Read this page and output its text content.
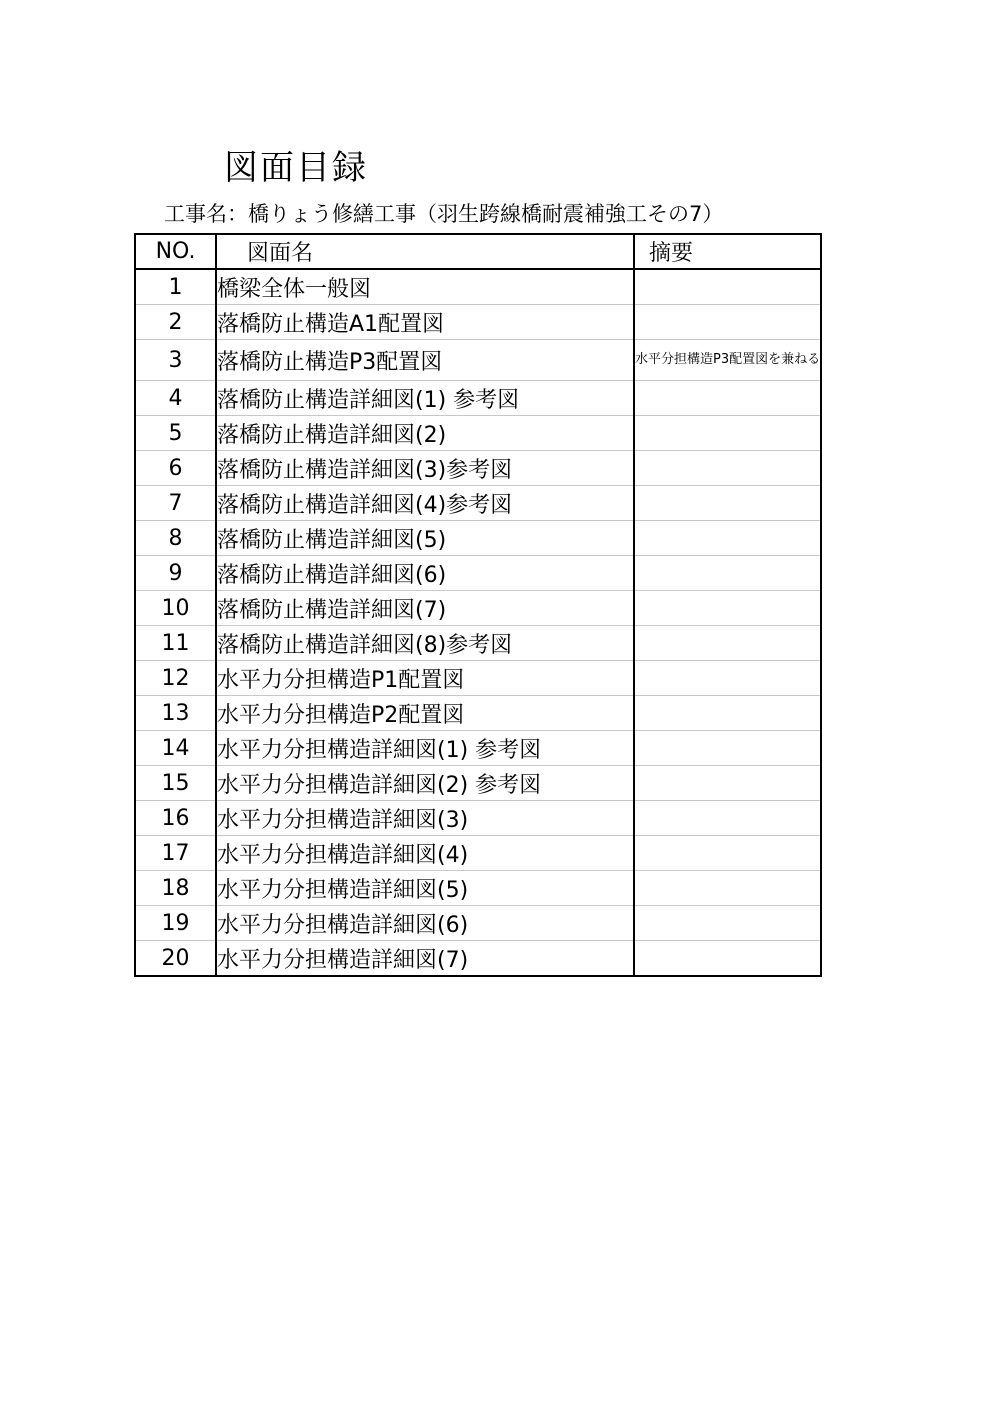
図面目録
工事名：橋りょう修繕工事（羽生跨線橋耐震補強工その7）
NO.	図面名	摘要
1	橋梁全体一般図	
2	落橋防止構造A1配置図	
3	落橋防止構造P3配置図	水平分担構造P3配置図を兼ねる
4	落橋防止構造詳細図(1) 参考図	
5	落橋防止構造詳細図(2)	
6	落橋防止構造詳細図(3)参考図	
7	落橋防止構造詳細図(4)参考図	
8	落橋防止構造詳細図(5)	
9	落橋防止構造詳細図(6)	
10	落橋防止構造詳細図(7)	
11	落橋防止構造詳細図(8)参考図	
12	水平力分担構造P1配置図	
13	水平力分担構造P2配置図	
14	水平力分担構造詳細図(1) 参考図	
15	水平力分担構造詳細図(2) 参考図	
16	水平力分担構造詳細図(3)	
17	水平力分担構造詳細図(4)	
18	水平力分担構造詳細図(5)	
19	水平力分担構造詳細図(6)	
20	水平力分担構造詳細図(7)	
